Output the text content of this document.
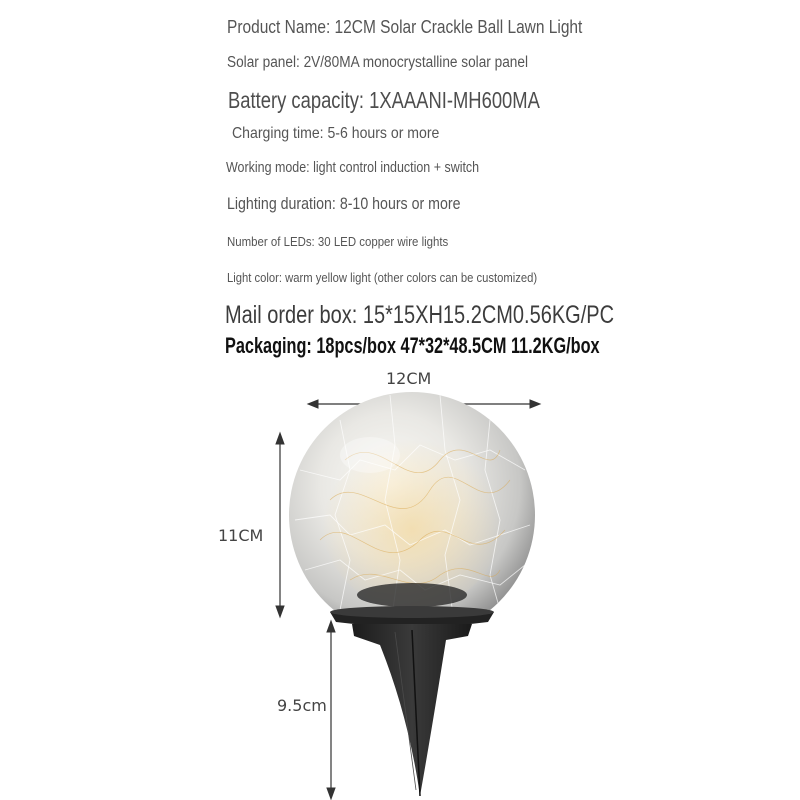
Product Name: 12CM Solar Crackle Ball Lawn Light
Solar panel: 2V/80MA monocrystalline solar panel
Battery capacity: 1XAAANI-MH600MA
Charging time: 5-6 hours or more
Working mode: light control induction + switch
Lighting duration: 8-10 hours or more
Number of LEDs: 30 LED copper wire lights
Light color: warm yellow light (other colors can be customized)
Mail order box: 15*15XH15.2CM0.56KG/PC
Packaging: 18pcs/box 47*32*48.5CM 11.2KG/box
12CM
11CM
9.5cm
